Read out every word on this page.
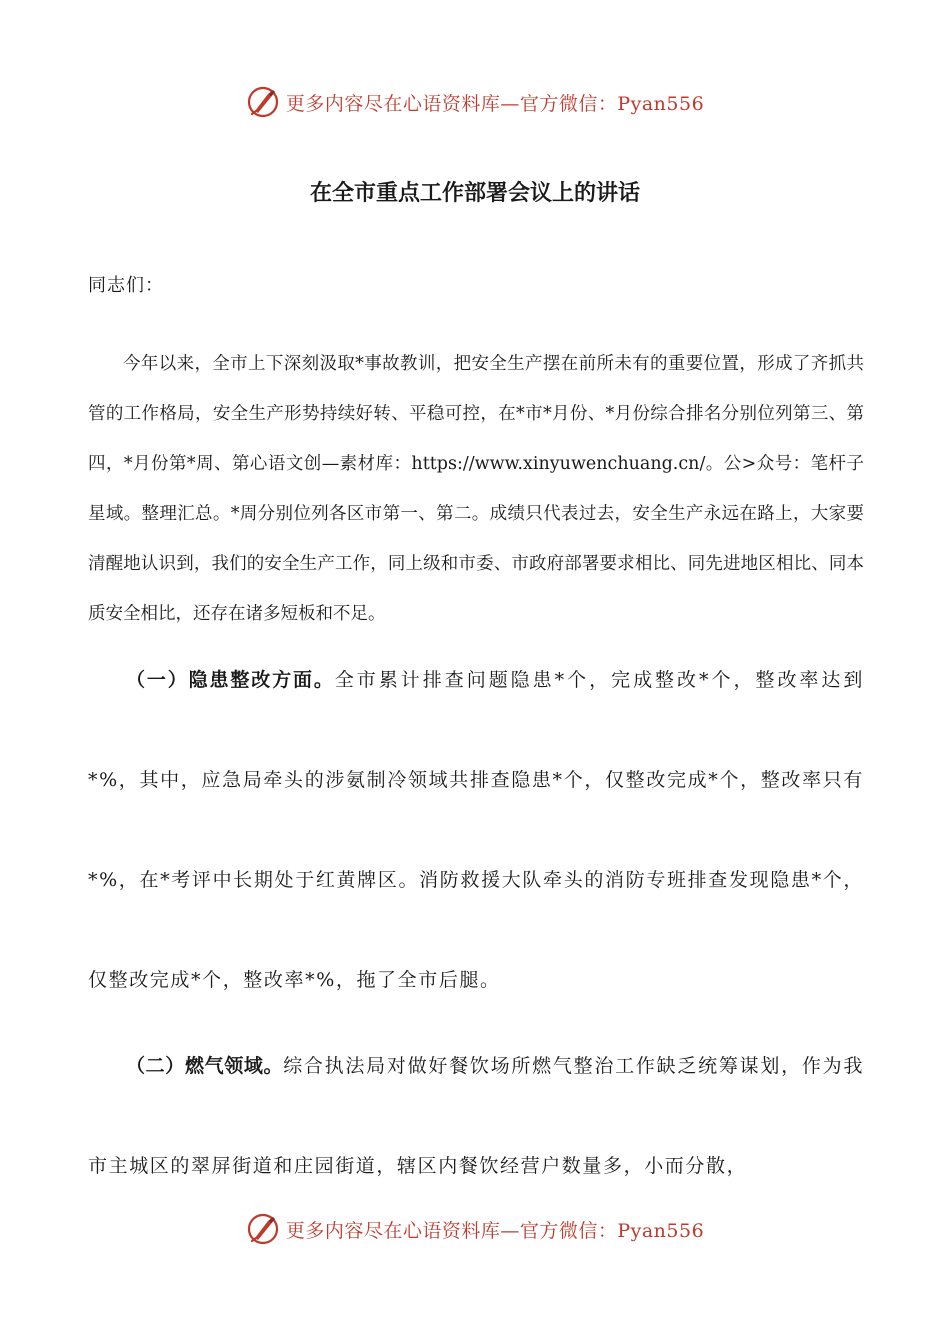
更多内容尽在心语资料库—官方微信：Pyan556
在全市重点工作部署会议上的讲话

同志们：

今年以来，全市上下深刻汲取*事故教训，把安全生产摆在前所未有的重要位置，形成了齐抓共管的工作格局，安全生产形势持续好转、平稳可控，在*市*月份、*月份综合排名分别位列第三、第四，*月份第*周、第心语文创—素材库：https://www.xinyuwenchuang.cn/。公>众号：笔杆子星域。整理汇总。*周分别位列各区市第一、第二。成绩只代表过去，安全生产永远在路上，大家要清醒地认识到，我们的安全生产工作，同上级和市委、市政府部署要求相比、同先进地区相比、同本质安全相比，还存在诸多短板和不足。

（一）隐患整改方面。全市累计排查问题隐患*个，完成整改*个，整改率达到*%，其中，应急局牵头的涉氨制冷领域共排查隐患*个，仅整改完成*个，整改率只有*%，在*考评中长期处于红黄牌区。消防救援大队牵头的消防专班排查发现隐患*个，仅整改完成*个，整改率*%，拖了全市后腿。

（二）燃气领域。综合执法局对做好餐饮场所燃气整治工作缺乏统筹谋划，作为我市主城区的翠屏街道和庄园街道，辖区内餐饮经营户数量多，小而分散，

更多内容尽在心语资料库—官方微信：Pyan556
